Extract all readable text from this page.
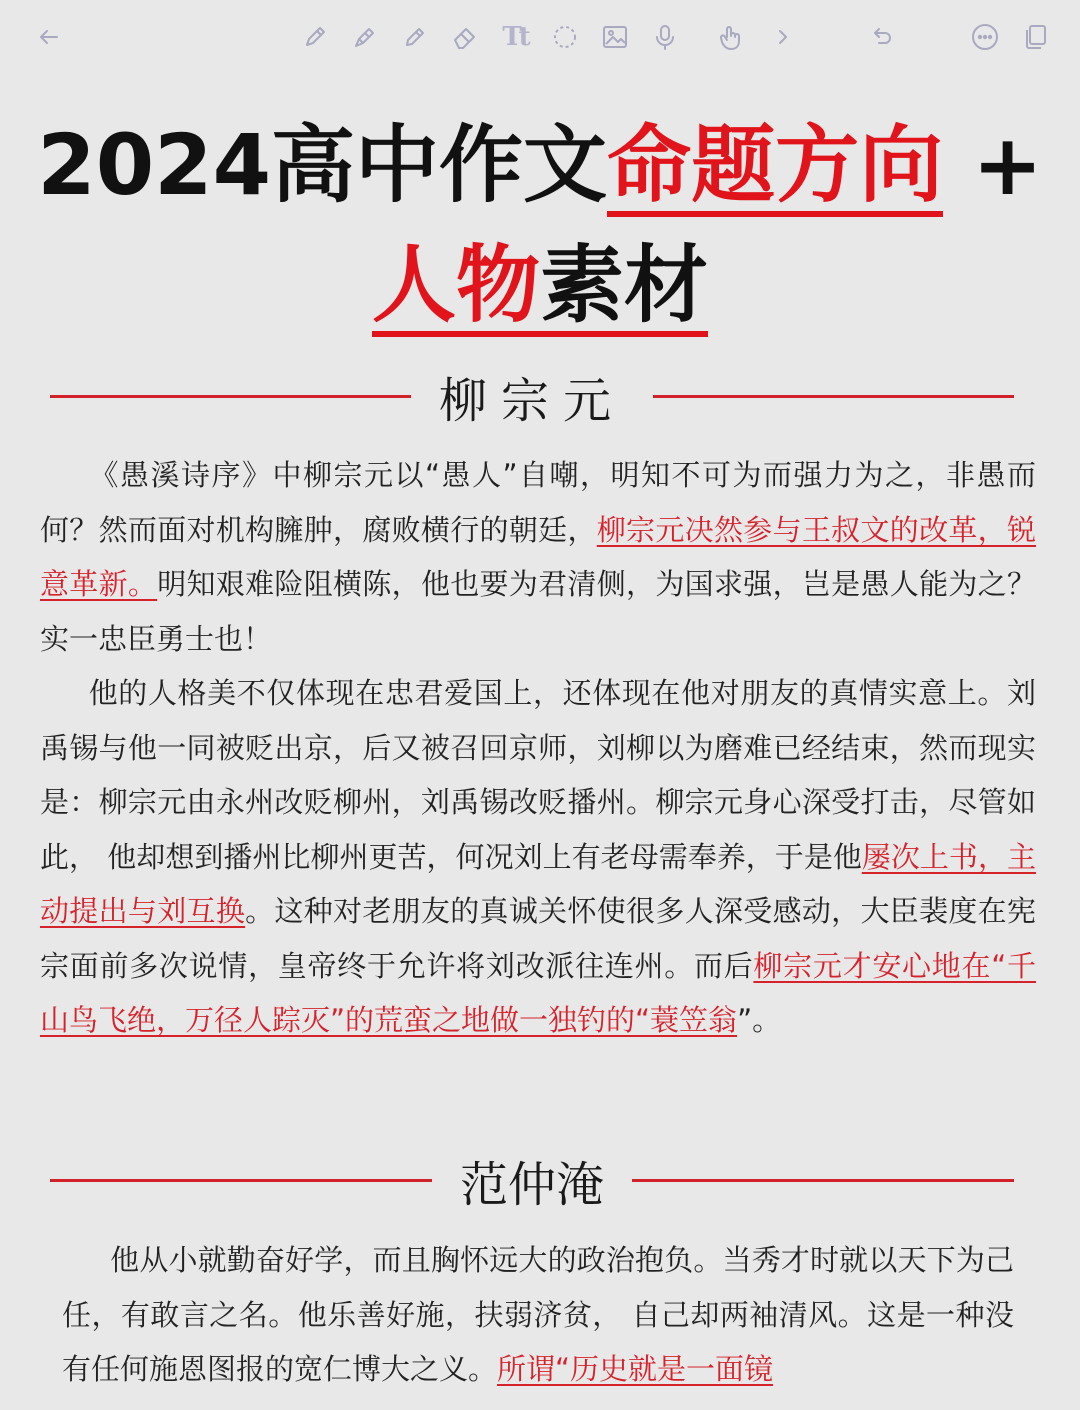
Tt
2024高中作文命题方向 +
人物素材
柳宗元

《愚溪诗序》中柳宗元以“愚人”自嘲，明知不可为而强力为之，非愚而何？然而面对机构臃肿，腐败横行的朝廷，柳宗元决然参与王叔文的改革，锐意革新。明知艰难险阻横陈，他也要为君清侧，为国求强，岂是愚人能为之？实一忠臣勇士也！

他的人格美不仅体现在忠君爱国上，还体现在他对朋友的真情实意上。刘禹锡与他一同被贬出京，后又被召回京师，刘柳以为磨难已经结束，然而现实是：柳宗元由永州改贬柳州，刘禹锡改贬播州。柳宗元身心深受打击，尽管如此， 他却想到播州比柳州更苦，何况刘上有老母需奉养，于是他屡次上书，主动提出与刘互换。这种对老朋友的真诚关怀使很多人深受感动，大臣裴度在宪宗面前多次说情，皇帝终于允许将刘改派往连州。而后柳宗元才安心地在“千山鸟飞绝，万径人踪灭”的荒蛮之地做一独钓的“蓑笠翁”。

范仲淹

他从小就勤奋好学，而且胸怀远大的政治抱负。当秀才时就以天下为己任，有敢言之名。他乐善好施，扶弱济贫， 自己却两袖清风。这是一种没有任何施恩图报的宽仁博大之义。所谓“历史就是一面镜
